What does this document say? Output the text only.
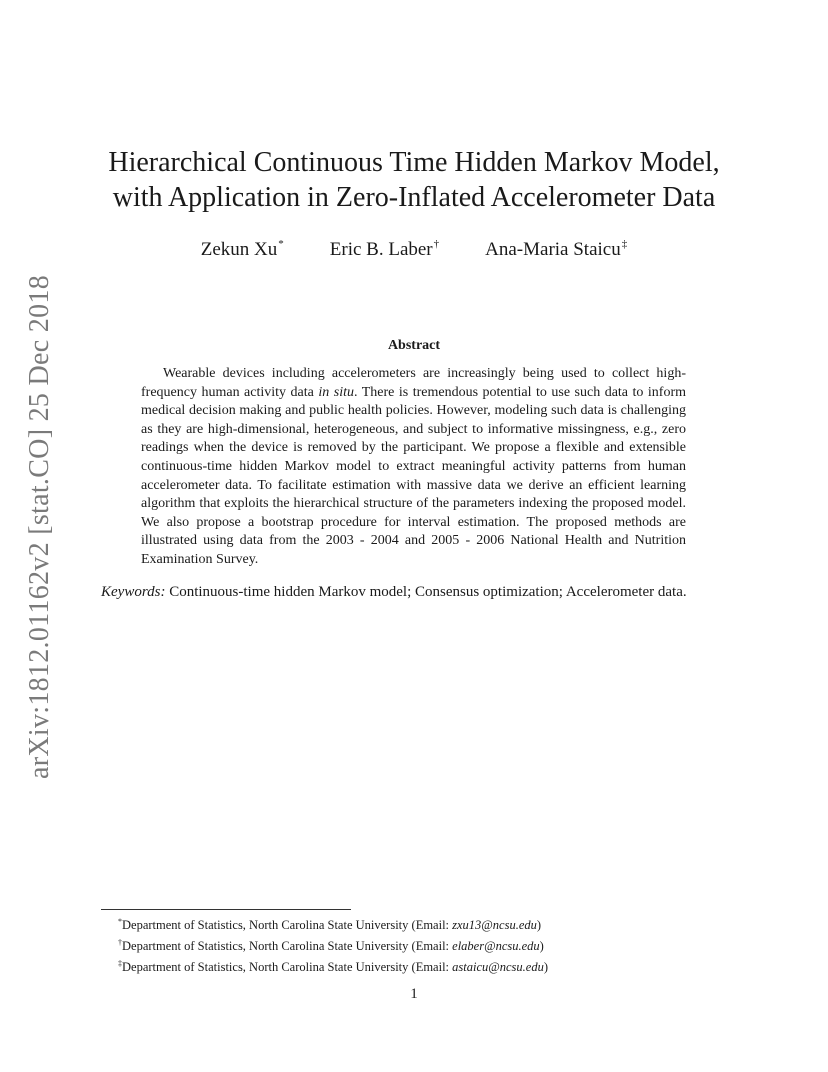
arXiv:1812.01162v2 [stat.CO] 25 Dec 2018
Hierarchical Continuous Time Hidden Markov Model,
with Application in Zero-Inflated Accelerometer Data
Zekun Xu* Eric B. Laber† Ana-Maria Staicu‡
Abstract

Wearable devices including accelerometers are increasingly being used to collect high-frequency human activity data in situ. There is tremendous potential to use such data to inform medical decision making and public health policies. However, modeling such data is challenging as they are high-dimensional, heterogeneous, and subject to informative missingness, e.g., zero readings when the device is removed by the participant. We propose a flexible and extensible continuous-time hidden Markov model to extract meaningful activity patterns from human accelerometer data. To facilitate estimation with massive data we derive an efficient learning algorithm that exploits the hierarchical structure of the parameters indexing the proposed model. We also propose a bootstrap procedure for interval estimation. The proposed methods are illustrated using data from the 2003 - 2004 and 2005 - 2006 National Health and Nutrition Examination Survey.

Keywords: Continuous-time hidden Markov model; Consensus optimization; Accelerometer data.

*Department of Statistics, North Carolina State University (Email: zxu13@ncsu.edu)
†Department of Statistics, North Carolina State University (Email: elaber@ncsu.edu)
‡Department of Statistics, North Carolina State University (Email: astaicu@ncsu.edu)
1
